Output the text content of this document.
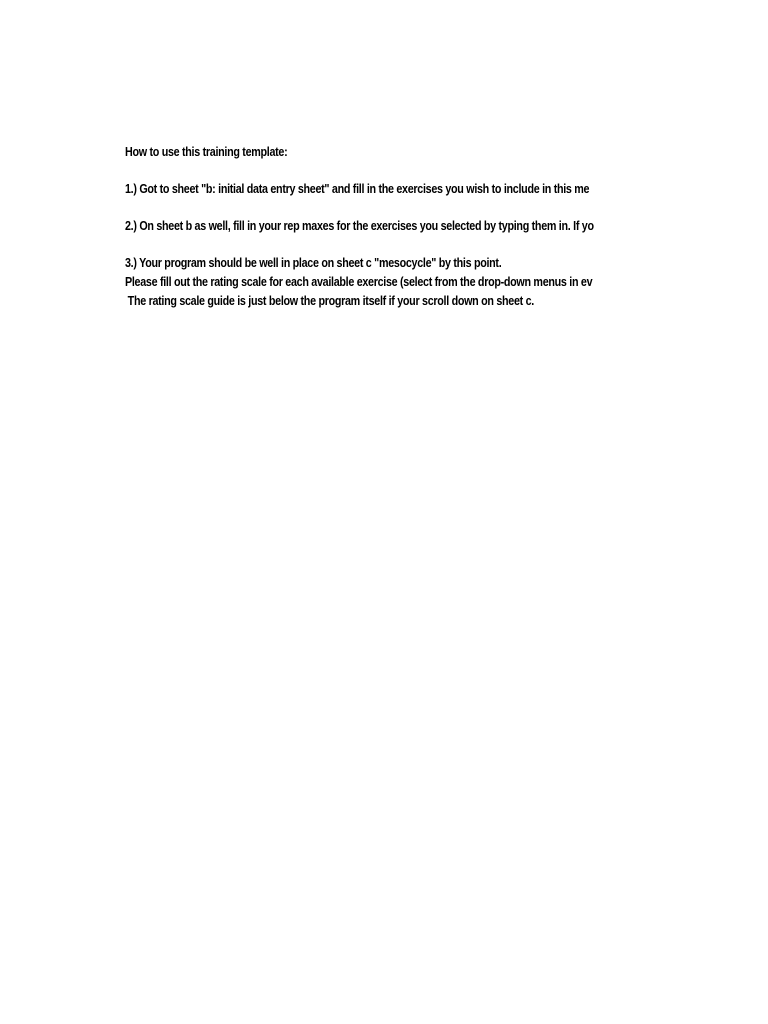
How to use this training template:
1.) Got to sheet "b: initial data entry sheet" and fill in the exercises you wish to include in this me
2.) On sheet b as well, fill in your rep maxes for the exercises you selected by typing them in. If yo
3.) Your program should be well in place on sheet c "mesocycle" by this point.
Please fill out the rating scale for each available exercise (select from the drop-down menus in ev
The rating scale guide is just below the program itself if your scroll down on sheet c.
